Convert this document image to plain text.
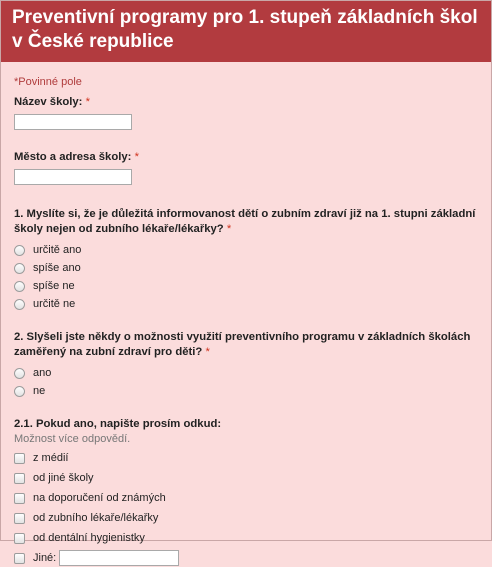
Preventivní programy pro 1. stupeň základních škol v České republice
*Povinné pole
Název školy: *
Město a adresa školy: *
1. Myslíte si, že je důležitá informovanost dětí o zubním zdraví již na 1. stupni základní školy nejen od zubního lékaře/lékařky? *
určitě ano
spíše ano
spíše ne
určitě ne
2. Slyšeli jste někdy o možnosti využití preventivního programu v základních školách zaměřený na zubní zdraví pro děti? *
ano
ne
2.1. Pokud ano, napište prosím odkud:
Možnost více odpovědí.
z médií
od jiné školy
na doporučení od známých
od zubního lékaře/lékařky
od dentální hygienistky
Jiné:
